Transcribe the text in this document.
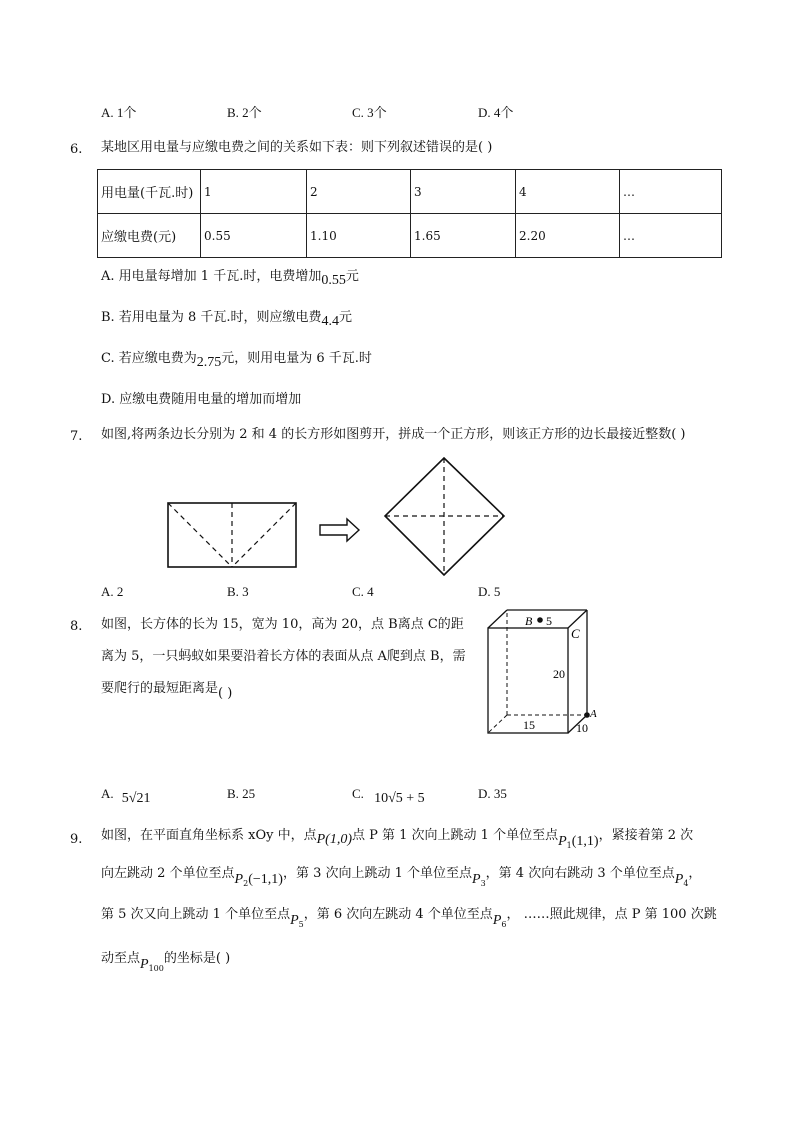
A. 1个	B. 2个	C. 3个	D. 4个
6. 某地区用电量与应缴电费之间的关系如下表：则下列叙述错误的是( )
用电量(千瓦.时)	1	2	3	4	…
应缴电费(元)	0.55	1.10	1.65	2.20	…
A. 用电量每增加 1 千瓦.时，电费增加0.55元
B. 若用电量为 8 千瓦.时，则应缴电费4.4元
C. 若应缴电费为2.75元，则用电量为 6 千瓦.时
D. 应缴电费随用电量的增加而增加
7. 如图,将两条边长分别为 2 和 4 的长方形如图剪开，拼成一个正方形，则该正方形的边长最接近整数( )
A. 2	B. 3	C. 4	D. 5
8. 如图，长方体的长为 15，宽为 10，高为 20，点 B离点 C的距
离为 5，一只蚂蚁如果要沿着长方体的表面从点 A爬到点 B，需
要爬行的最短距离是( )
B 5
C
20
A
15	10
A. 5√21	B. 25	C. 10√5 + 5	D. 35
9. 如图，在平面直角坐标系 xOy 中，点P(1,0)点 P 第 1 次向上跳动 1 个单位至点$P_1(1,1)$，紧接着第 2 次
向左跳动 2 个单位至点$P_2(-1,1)$，第 3 次向上跳动 1 个单位至点$P_3$，第 4 次向右跳动 3 个单位至点$P_4$，
第 5 次又向上跳动 1 个单位至点$P_5$，第 6 次向左跳动 4 个单位至点$P_6$， ……照此规律，点 P 第 100 次跳
动至点$P_{100}$的坐标是( )
